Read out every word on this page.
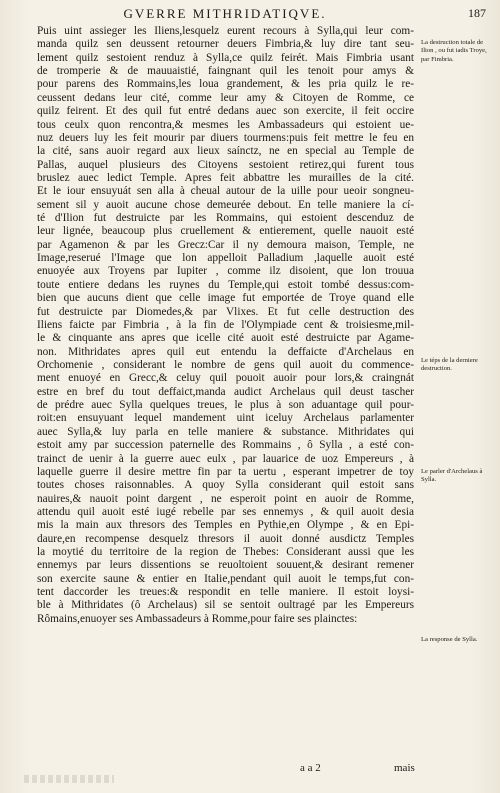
GVERRE MITHRIDATIQVE.	187
Puis uint assieger les Iliens,lesquelz eurent recours à Sylla,qui leur com-
manda quilz sen deussent retourner deuers Fimbria,& luy dire tant seu-
lement quilz sestoient renduz à Sylla,ce quilz feirét. Mais Fimbria usant
de tromperie & de mauuaistié, faingnant quil les tenoit pour amys &
pour parens des Rommains,les loua grandement, & les pria quilz le re-
ceussent dedans leur cité, comme leur amy & Citoyen de Romme, ce
quilz feirent. Et des quil fut entré dedans auec son exercite, il feit occire
tous ceulx quon rencontra,& mesmes les Ambassadeurs qui estoient ue-
nuz deuers luy les feit mourir par diuers tourmens:puis feit mettre le feu en
la cité, sans auoir regard aux lieux saínctz, ne en special au Temple de
Pallas, auquel plusieurs des Citoyens sestoient retirez,qui furent tous
bruslez auec ledict Temple. Apres feit abbattre les murailles de la cité.
Et le iour ensuyuát sen alla à cheual autour de la uille pour ueoir songneu-
sement sil y auoit aucune chose demeurée debout. En telle maniere la cí-
té d'Ilion fut destruicte par les Rommains, qui estoient descenduz de
leur lignée, beaucoup plus cruellement & entierement, quelle nauoit esté
par Agamenon & par les Grecz:Car il ny demoura maison, Temple, ne
Image,reserué l'Image que lon appelloit Palladium ,laquelle auoit esté
enuoyée aux Troyens par Iupiter , comme ilz disoient, que lon trouua
toute entiere dedans les ruynes du Temple,qui estoit tombé dessus:com-
bien que aucuns dient que celle image fut emportée de Troye quand elle
fut destruicte par Diomedes,& par Vlixes. Et fut celle destruction des
Iliens faicte par Fimbria , à la fin de l'Olympiade cent & troisiesme,mil-
le & cinquante ans apres que icelle cité auoit esté destruicte par Agame-
non. Mithridates apres quil eut entendu la deffaicte d'Archelaus en
Orchomenie , considerant le nombre de gens quil auoit du commence-
ment enuoyé en Grecc,& celuy quil pouoit auoir pour lors,& craingnát
estre en bref du tout deffaict,manda audict Archelaus quil deust tascher
de prédre auec Sylla quelques treues, le plus à son aduantage quil pour-
roit:en ensuyuant lequel mandement uint iceluy Archelaus parlamenter
auec Sylla,& luy parla en telle maniere & substance. Mithridates qui
estoit amy par succession paternelle des Rommains , ô Sylla , a esté con-
trainct de uenir à la guerre auec eulx , par lauarice de uoz Empereurs , à
laquelle guerre il desire mettre fin par ta uertu , esperant impetrer de toy
toutes choses raisonnables. A quoy Sylla considerant quil estoit sans
nauires,& nauoit point dargent , ne esperoit point en auoir de Romme,
attendu quil auoit esté iugé rebelle par ses ennemys , & quil auoit desia
mis la main aux thresors des Temples en Pythie,en Olympe , & en Epi-
daure,en recompense desquelz thresors il auoit donné ausdictz Temples
la moytié du territoire de la region de Thebes: Considerant aussi que les
ennemys par leurs dissentions se reuoltoient souuent,& desirant remener
son exercite saune & entier en Italie,pendant quil auoit le temps,fut con-
tent daccorder les treues:& respondit en telle maniere. Il estoit loysi-
ble à Mithridates (ô Archelaus) sil se sentoit oultragé par les Empereurs
Rômains,enuoyer ses Ambassadeurs à Romme,pour faire ses plainctes:
La destruction totale de Ilion , ou fut iadis Troye, par Fimbria.
Le téps de la derniere destruction.
Le parler d'Archelaus à Sylla.
La response de Sylla.
a a 2	mais
